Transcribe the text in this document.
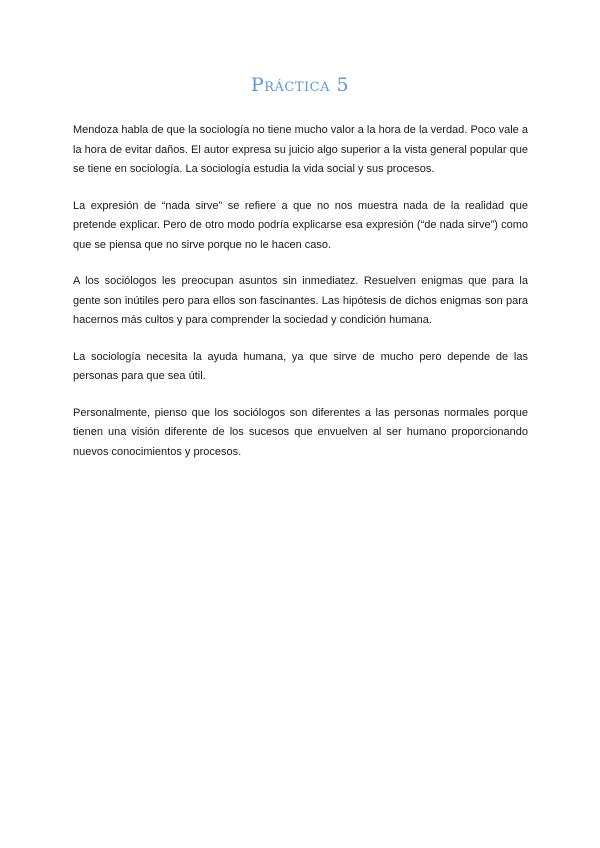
Práctica 5

Mendoza habla de que la sociología no tiene mucho valor a la hora de la verdad. Poco vale a la hora de evitar daños. El autor expresa su juicio algo superior a la vista general popular que se tiene en sociología. La sociología estudia la vida social y sus procesos.

La expresión de “nada sirve” se refiere a que no nos muestra nada de la realidad que pretende explicar. Pero de otro modo podría explicarse esa expresión (“de nada sirve”) como que se piensa que no sirve porque no le hacen caso.

A los sociólogos les preocupan asuntos sin inmediatez. Resuelven enigmas que para la gente son inútiles pero para ellos son fascinantes. Las hipótesis de dichos enigmas son para hacernos más cultos y para comprender la sociedad y condición humana.

La sociología necesita la ayuda humana, ya que sirve de mucho pero depende de las personas para que sea útil.

Personalmente, pienso que los sociólogos son diferentes a las personas normales porque tienen una visión diferente de los sucesos que envuelven al ser humano proporcionando nuevos conocimientos y procesos.
